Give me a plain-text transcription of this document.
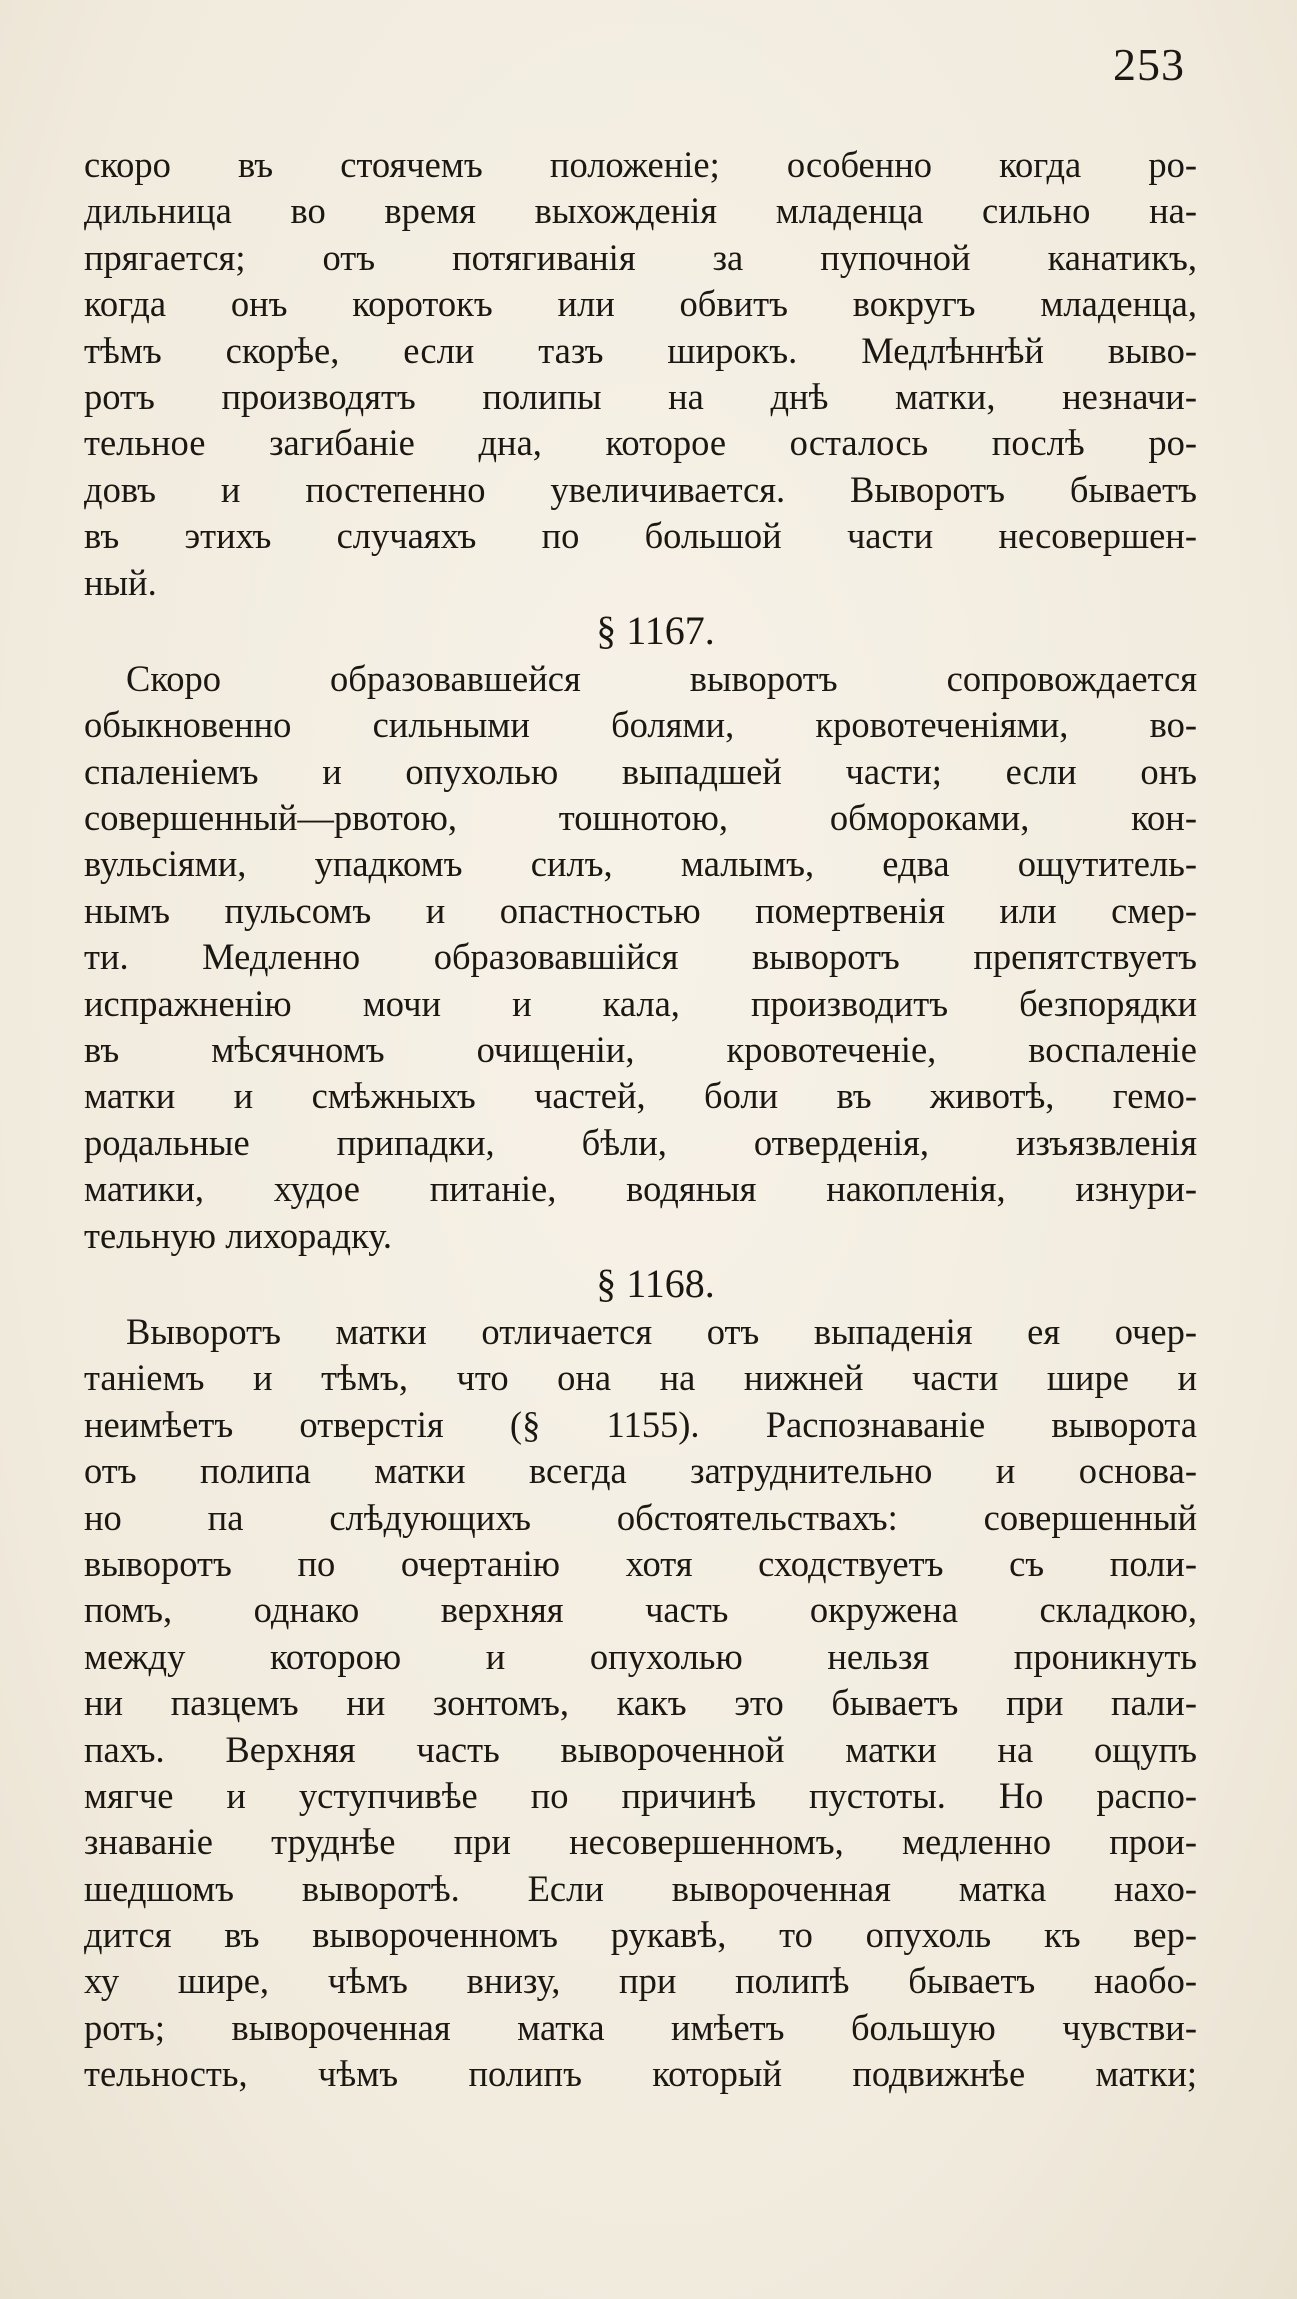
253
скоро въ стоячемъ положеніе; особенно когда ро-
дильница во время выхожденія младенца сильно на-
прягается; отъ потягиванія за пупочной канатикъ,
когда онъ коротокъ или обвитъ вокругъ младенца,
тѣмъ скорѣе, если тазъ широкъ. Медлѣннѣй выво-
ротъ производятъ полипы на днѣ матки, незначи-
тельное загибаніе дна, которое осталось послѣ ро-
довъ и постепенно увеличивается. Выворотъ бываетъ
въ этихъ случаяхъ по большой части несовершен-
ный.
§ 1167.
Скоро образовавшейся выворотъ сопровождается
обыкновенно сильными болями, кровотеченіями, во-
спаленіемъ и опухолью выпадшей части; если онъ
совершенный—рвотою, тошнотою, обмороками, кон-
вульсіями, упадкомъ силъ, малымъ, едва ощутитель-
нымъ пульсомъ и опастностью помертвенія или смер-
ти. Медленно образовавшійся выворотъ препятствуетъ
испражненію мочи и кала, производитъ безпорядки
въ мѣсячномъ очищеніи, кровотеченіе, воспаленіе
матки и смѣжныхъ частей, боли въ животѣ, гемо-
родальные припадки, бѣли, отверденія, изъязвленія
матики, худое питаніе, водяныя накопленія, изнури-
тельную лихорадку.
§ 1168.
Выворотъ матки отличается отъ выпаденія ея очер-
таніемъ и тѣмъ, что она на нижней части шире и
неимѣетъ отверстія (§ 1155). Распознаваніе выворота
отъ полипа матки всегда затруднительно и основа-
но па слѣдующихъ обстоятельствахъ: совершенный
выворотъ по очертанію хотя сходствуетъ съ поли-
помъ, однако верхняя часть окружена складкою,
между которою и опухолью нельзя проникнуть
ни пазцемъ ни зонтомъ, какъ это бываетъ при пали-
пахъ. Верхняя часть вывороченной матки на ощупъ
мягче и уступчивѣе по причинѣ пустоты. Но распо-
знаваніе труднѣе при несовершенномъ, медленно прои-
шедшомъ выворотѣ. Если вывороченная матка нахо-
дится въ вывороченномъ рукавѣ, то опухоль къ вер-
ху шире, чѣмъ внизу, при полипѣ бываетъ наобо-
ротъ; вывороченная матка имѣетъ большую чувстви-
тельность, чѣмъ полипъ который подвижнѣе матки;
